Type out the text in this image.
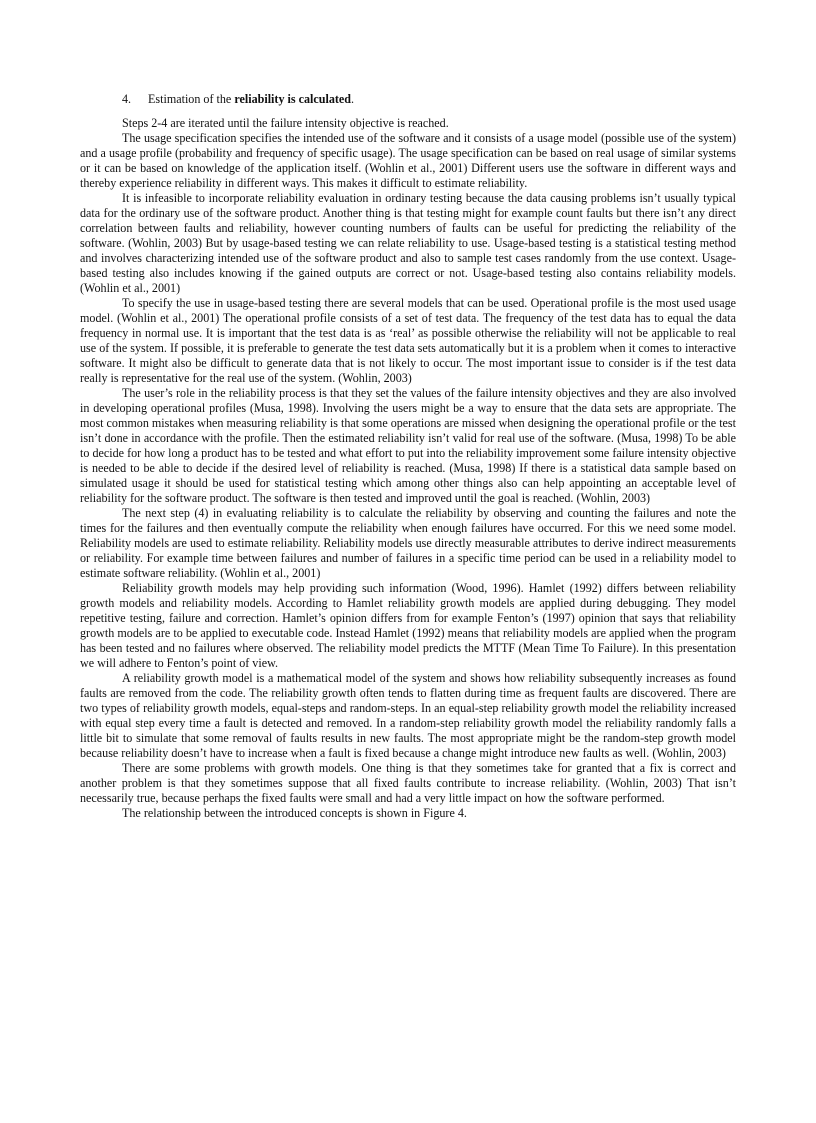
4. Estimation of the reliability is calculated.

Steps 2-4 are iterated until the failure intensity objective is reached.

The usage specification specifies the intended use of the software and it consists of a usage model (possible use of the system) and a usage profile (probability and frequency of specific usage). The usage specification can be based on real usage of similar systems or it can be based on knowledge of the application itself. (Wohlin et al., 2001) Different users use the software in different ways and thereby experience reliability in different ways. This makes it difficult to estimate reliability.

It is infeasible to incorporate reliability evaluation in ordinary testing because the data causing problems isn’t usually typical data for the ordinary use of the software product. Another thing is that testing might for example count faults but there isn’t any direct correlation between faults and reliability, however counting numbers of faults can be useful for predicting the reliability of the software. (Wohlin, 2003) But by usage-based testing we can relate reliability to use. Usage-based testing is a statistical testing method and involves characterizing intended use of the software product and also to sample test cases randomly from the use context. Usage-based testing also includes knowing if the gained outputs are correct or not. Usage-based testing also contains reliability models. (Wohlin et al., 2001)

To specify the use in usage-based testing there are several models that can be used. Operational profile is the most used usage model. (Wohlin et al., 2001) The operational profile consists of a set of test data. The frequency of the test data has to equal the data frequency in normal use. It is important that the test data is as ‘real’ as possible otherwise the reliability will not be applicable to real use of the system. If possible, it is preferable to generate the test data sets automatically but it is a problem when it comes to interactive software. It might also be difficult to generate data that is not likely to occur. The most important issue to consider is if the test data really is representative for the real use of the system. (Wohlin, 2003)

The user’s role in the reliability process is that they set the values of the failure intensity objectives and they are also involved in developing operational profiles (Musa, 1998). Involving the users might be a way to ensure that the data sets are appropriate. The most common mistakes when measuring reliability is that some operations are missed when designing the operational profile or the test isn’t done in accordance with the profile. Then the estimated reliability isn’t valid for real use of the software. (Musa, 1998) To be able to decide for how long a product has to be tested and what effort to put into the reliability improvement some failure intensity objective is needed to be able to decide if the desired level of reliability is reached. (Musa, 1998) If there is a statistical data sample based on simulated usage it should be used for statistical testing which among other things also can help appointing an acceptable level of reliability for the software product. The software is then tested and improved until the goal is reached. (Wohlin, 2003)

The next step (4) in evaluating reliability is to calculate the reliability by observing and counting the failures and note the times for the failures and then eventually compute the reliability when enough failures have occurred. For this we need some model. Reliability models are used to estimate reliability. Reliability models use directly measurable attributes to derive indirect measurements or reliability. For example time between failures and number of failures in a specific time period can be used in a reliability model to estimate software reliability. (Wohlin et al., 2001)

Reliability growth models may help providing such information (Wood, 1996). Hamlet (1992) differs between reliability growth models and reliability models. According to Hamlet reliability growth models are applied during debugging. They model repetitive testing, failure and correction. Hamlet’s opinion differs from for example Fenton’s (1997) opinion that says that reliability growth models are to be applied to executable code. Instead Hamlet (1992) means that reliability models are applied when the program has been tested and no failures where observed. The reliability model predicts the MTTF (Mean Time To Failure). In this presentation we will adhere to Fenton’s point of view.

A reliability growth model is a mathematical model of the system and shows how reliability subsequently increases as found faults are removed from the code. The reliability growth often tends to flatten during time as frequent faults are discovered. There are two types of reliability growth models, equal-steps and random-steps. In an equal-step reliability growth model the reliability increased with equal step every time a fault is detected and removed. In a random-step reliability growth model the reliability randomly falls a little bit to simulate that some removal of faults results in new faults. The most appropriate might be the random-step growth model because reliability doesn’t have to increase when a fault is fixed because a change might introduce new faults as well. (Wohlin, 2003)

There are some problems with growth models. One thing is that they sometimes take for granted that a fix is correct and another problem is that they sometimes suppose that all fixed faults contribute to increase reliability. (Wohlin, 2003) That isn’t necessarily true, because perhaps the fixed faults were small and had a very little impact on how the software performed.

The relationship between the introduced concepts is shown in Figure 4.
